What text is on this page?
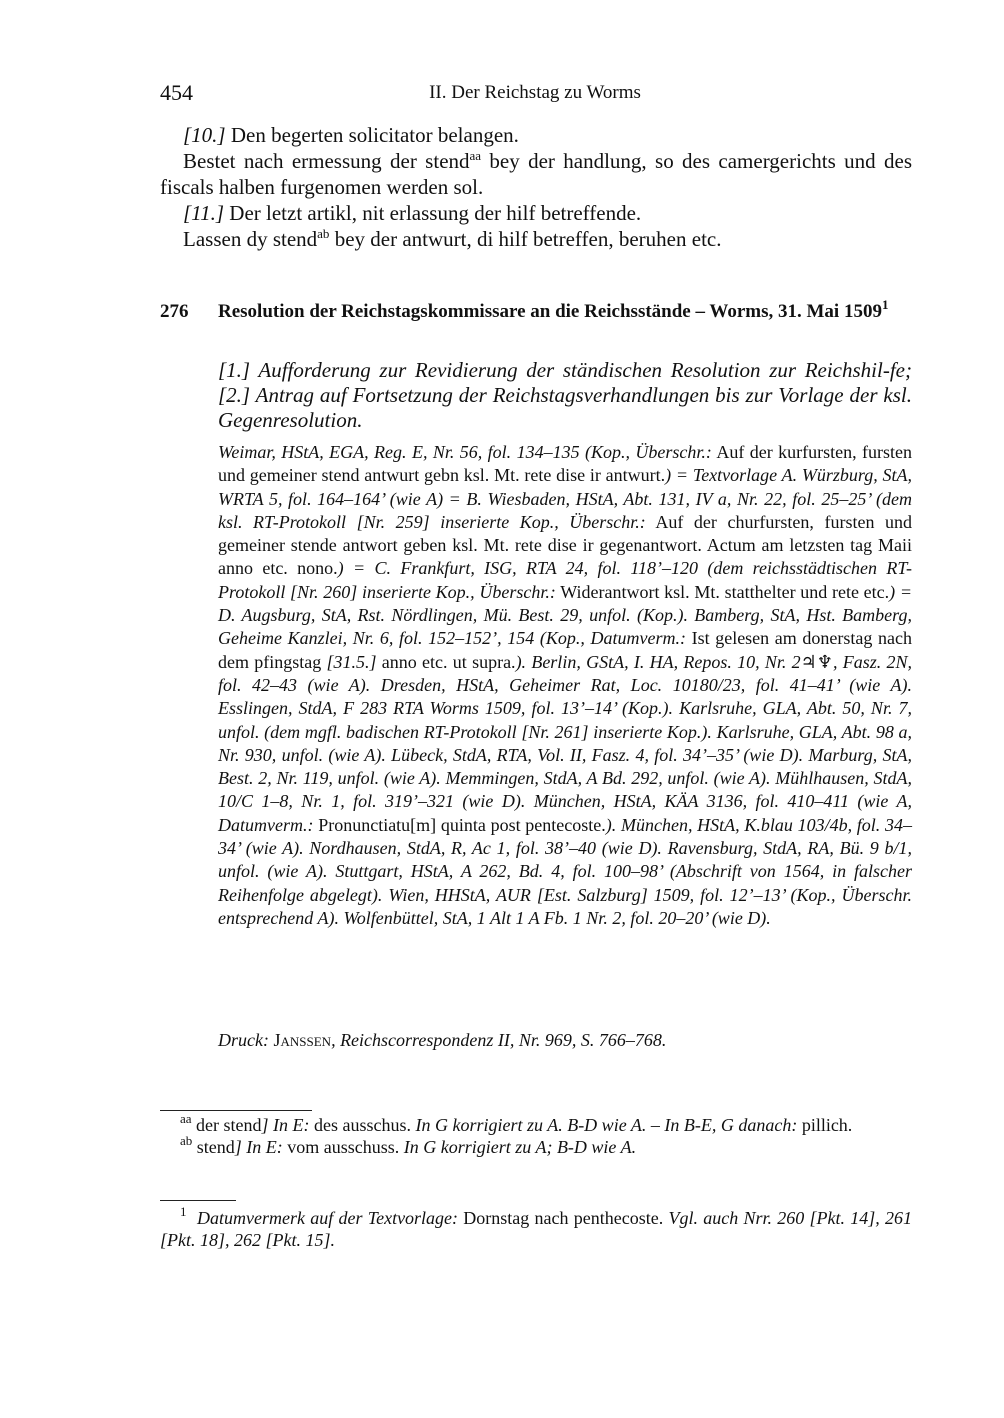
454	II. Der Reichstag zu Worms

[10.] Den begerten solicitator belangen.

Bestet nach ermessung der stend$^{aa}$ bey der handlung, so des camergerichts und des fiscals halben furgenomen werden sol.

[11.] Der letzt artikl, nit erlassung der hilf betreffende.

Lassen dy stend$^{ab}$ bey der antwurt, di hilf betreffen, beruhen etc.

276	Resolution der Reichstagskommissare an die Reichsstände – Worms, 31. Mai 1509$^1$
[1.] Aufforderung zur Revidierung der ständischen Resolution zur Reichshil-fe; [2.] Antrag auf Fortsetzung der Reichstagsverhandlungen bis zur Vorlage der ksl. Gegenresolution.
Weimar, HStA, EGA, Reg. E, Nr. 56, fol. 134–135 (Kop., Überschr.: Auf der kurfursten, fursten und gemeiner stend antwurt gebn ksl. Mt. rete dise ir antwurt.) = Textvorlage A. Würzburg, StA, WRTA 5, fol. 164–164’ (wie A) = B. Wiesbaden, HStA, Abt. 131, IV a, Nr. 22, fol. 25–25’ (dem ksl. RT-Protokoll [Nr. 259] inserierte Kop., Überschr.: Auf der churfursten, fursten und gemeiner stende antwort geben ksl. Mt. rete dise ir gegenantwort. Actum am letzsten tag Maii anno etc. nono.) = C. Frankfurt, ISG, RTA 24, fol. 118’–120 (dem reichsstädtischen RT-Protokoll [Nr. 260] inserierte Kop., Überschr.: Widerantwort ksl. Mt. statthelter und rete etc.) = D. Augsburg, StA, Rst. Nördlingen, Mü. Best. 29, unfol. (Kop.). Bamberg, StA, Hst. Bamberg, Geheime Kanzlei, Nr. 6, fol. 152–152’, 154 (Kop., Datumverm.: Ist gelesen am donerstag nach dem pfingstag [31.5.] anno etc. ut supra.). Berlin, GStA, I. HA, Repos. 10, Nr. 2♃♆, Fasz. 2N, fol. 42–43 (wie A). Dresden, HStA, Geheimer Rat, Loc. 10180/23, fol. 41–41’ (wie A). Esslingen, StdA, F 283 RTA Worms 1509, fol. 13’–14’ (Kop.). Karlsruhe, GLA, Abt. 50, Nr. 7, unfol. (dem mgfl. badischen RT-Protokoll [Nr. 261] inserierte Kop.). Karlsruhe, GLA, Abt. 98 a, Nr. 930, unfol. (wie A). Lübeck, StdA, RTA, Vol. II, Fasz. 4, fol. 34’–35’ (wie D). Marburg, StA, Best. 2, Nr. 119, unfol. (wie A). Memmingen, StdA, A Bd. 292, unfol. (wie A). Mühlhausen, StdA, 10/C 1–8, Nr. 1, fol. 319’–321 (wie D). München, HStA, KÄA 3136, fol. 410–411 (wie A, Datumverm.: Pronunctiatu[m] quinta post pentecoste.). München, HStA, K.blau 103/4b, fol. 34–34’ (wie A). Nordhausen, StdA, R, Ac 1, fol. 38’–40 (wie D). Ravensburg, StdA, RA, Bü. 9 b/1, unfol. (wie A). Stuttgart, HStA, A 262, Bd. 4, fol. 100–98’ (Abschrift von 1564, in falscher Reihenfolge abgelegt). Wien, HHStA, AUR [Est. Salzburg] 1509, fol. 12’–13’ (Kop., Überschr. entsprechend A). Wolfenbüttel, StA, 1 Alt 1 A Fb. 1 Nr. 2, fol. 20–20’ (wie D).
Druck: Janssen, Reichscorrespondenz II, Nr. 969, S. 766–768.

$^{aa}$ der stend] In E: des ausschus. In G korrigiert zu A. B-D wie A. – In B-E, G danach: pillich.

$^{ab}$ stend] In E: vom ausschuss. In G korrigiert zu A; B-D wie A.

$^1$ Datumvermerk auf der Textvorlage: Dornstag nach penthecoste. Vgl. auch Nrr. 260 [Pkt. 14], 261 [Pkt. 18], 262 [Pkt. 15].
